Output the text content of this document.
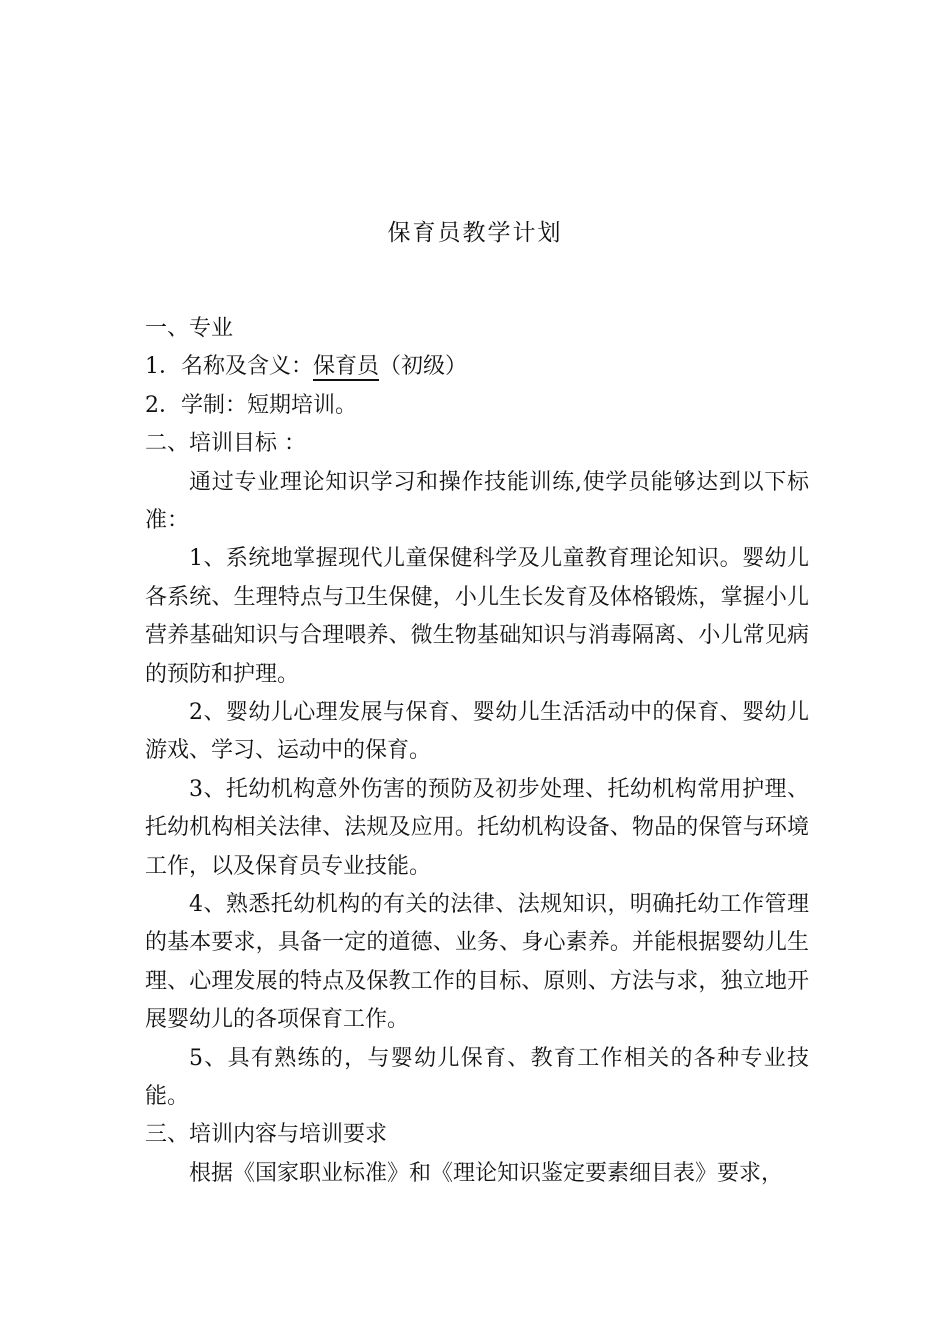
保育员教学计划
一、专业
1．名称及含义：保育员（初级）
2．学制：短期培训。
二、培训目标 ：
通过专业理论知识学习和操作技能训练,使学员能够达到以下标准：
1、系统地掌握现代儿童保健科学及儿童教育理论知识。婴幼儿各系统、生理特点与卫生保健，小儿生长发育及体格锻炼，掌握小儿营养基础知识与合理喂养、微生物基础知识与消毒隔离、小儿常见病的预防和护理。
2、婴幼儿心理发展与保育、婴幼儿生活活动中的保育、婴幼儿游戏、学习、运动中的保育。
3、托幼机构意外伤害的预防及初步处理、托幼机构常用护理、托幼机构相关法律、法规及应用。托幼机构设备、物品的保管与环境工作，以及保育员专业技能。
4、熟悉托幼机构的有关的法律、法规知识，明确托幼工作管理的基本要求，具备一定的道德、业务、身心素养。并能根据婴幼儿生理、心理发展的特点及保教工作的目标、原则、方法与求，独立地开展婴幼儿的各项保育工作。
5、具有熟练的，与婴幼儿保育、教育工作相关的各种专业技能。
三、培训内容与培训要求
根据《国家职业标准》和《理论知识鉴定要素细目表》要求，
